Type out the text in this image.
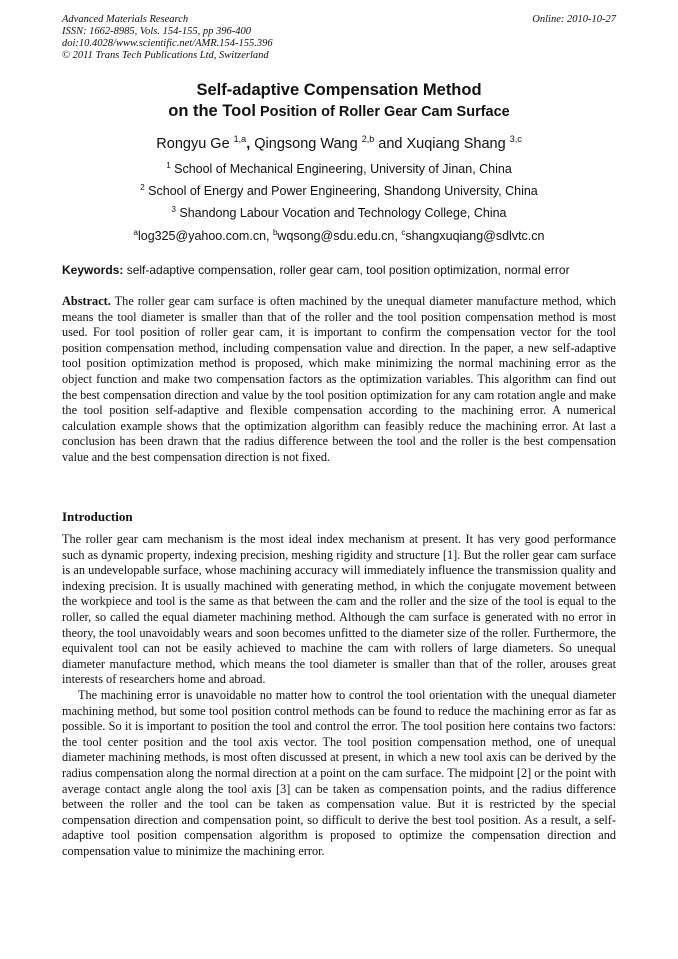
Advanced Materials Research
ISSN: 1662-8985, Vols. 154-155, pp 396-400
doi:10.4028/www.scientific.net/AMR.154-155.396
© 2011 Trans Tech Publications Ltd, Switzerland
Online: 2010-10-27
Self-adaptive Compensation Method
on the Tool Position of Roller Gear Cam Surface
Rongyu Ge $^{1,a}$, Qingsong Wang $^{2,b}$ and Xuqiang Shang $^{3,c}$
$^1$ School of Mechanical Engineering, University of Jinan, China
$^2$ School of Energy and Power Engineering, Shandong University, China
$^3$ Shandong Labour Vocation and Technology College, China
$^a$log325@yahoo.com.cn, $^b$wqsong@sdu.edu.cn, $^c$shangxuqiang@sdlvtc.cn
Keywords: self-adaptive compensation, roller gear cam, tool position optimization, normal error
Abstract. The roller gear cam surface is often machined by the unequal diameter manufacture method, which means the tool diameter is smaller than that of the roller and the tool position compensation method is most used. For tool position of roller gear cam, it is important to confirm the compensation vector for the tool position compensation method, including compensation value and direction. In the paper, a new self-adaptive tool position optimization method is proposed, which make minimizing the normal machining error as the object function and make two compensation factors as the optimization variables. This algorithm can find out the best compensation direction and value by the tool position optimization for any cam rotation angle and make the tool position self-adaptive and flexible compensation according to the machining error. A numerical calculation example shows that the optimization algorithm can feasibly reduce the machining error. At last a conclusion has been drawn that the radius difference between the tool and the roller is the best compensation value and the best compensation direction is not fixed.
Introduction

The roller gear cam mechanism is the most ideal index mechanism at present. It has very good performance such as dynamic property, indexing precision, meshing rigidity and structure [1]. But the roller gear cam surface is an undevelopable surface, whose machining accuracy will immediately influence the transmission quality and indexing precision. It is usually machined with generating method, in which the conjugate movement between the workpiece and tool is the same as that between the cam and the roller and the size of the tool is equal to the roller, so called the equal diameter machining method. Although the cam surface is generated with no error in theory, the tool unavoidably wears and soon becomes unfitted to the diameter size of the roller. Furthermore, the equivalent tool can not be easily achieved to machine the cam with rollers of large diameters. So unequal diameter manufacture method, which means the tool diameter is smaller than that of the roller, arouses great interests of researchers home and abroad.

The machining error is unavoidable no matter how to control the tool orientation with the unequal diameter machining method, but some tool position control methods can be found to reduce the machining error as far as possible. So it is important to position the tool and control the error. The tool position here contains two factors: the tool center position and the tool axis vector. The tool position compensation method, one of unequal diameter machining methods, is most often discussed at present, in which a new tool axis can be derived by the radius compensation along the normal direction at a point on the cam surface. The midpoint [2] or the point with average contact angle along the tool axis [3] can be taken as compensation points, and the radius difference between the roller and the tool can be taken as compensation value. But it is restricted by the special compensation direction and compensation point, so difficult to derive the best tool position. As a result, a self-adaptive tool position compensation algorithm is proposed to optimize the compensation direction and compensation value to minimize the machining error.
